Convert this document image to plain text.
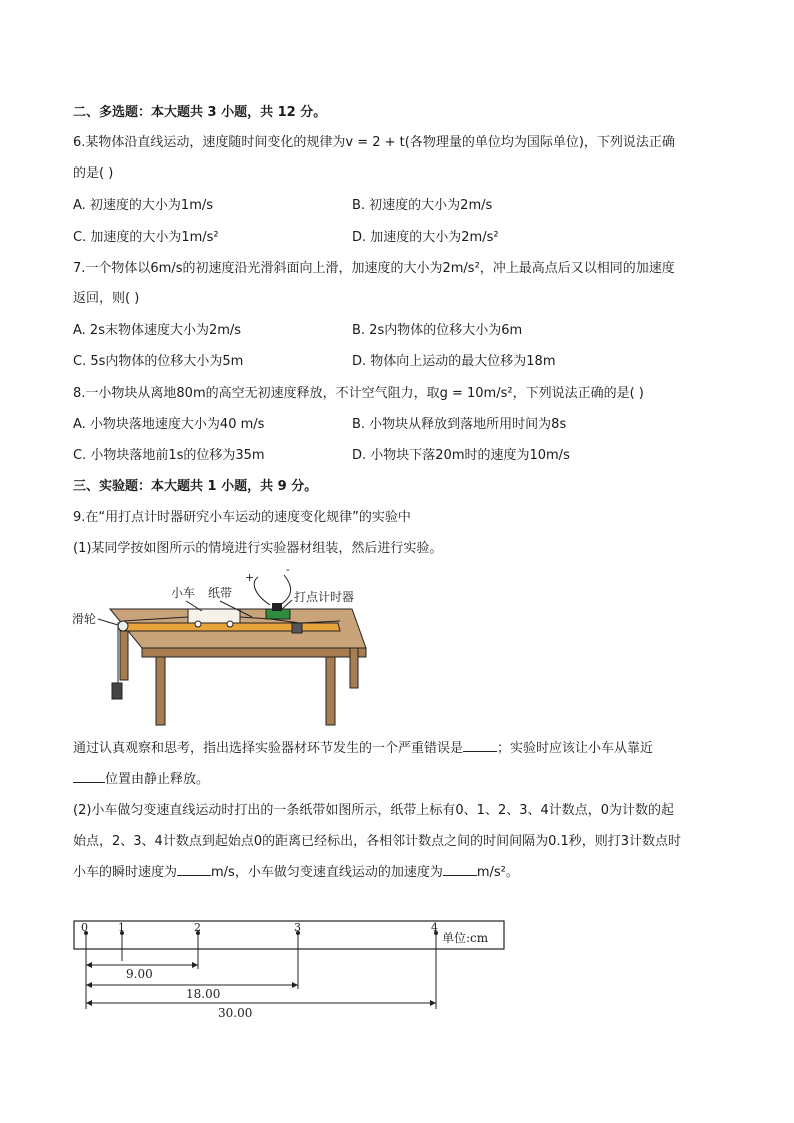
二、多选题：本大题共 3 小题，共 12 分。
6.某物体沿直线运动，速度随时间变化的规律为v = 2 + t(各物理量的单位均为国际单位)，下列说法正确
的是( )
A. 初速度的大小为1m/s	B. 初速度的大小为2m/s
C. 加速度的大小为1m/s²	D. 加速度的大小为2m/s²
7.一个物体以6m/s的初速度沿光滑斜面向上滑，加速度的大小为2m/s²，冲上最高点后又以相同的加速度
返回，则( )
A. 2s末物体速度大小为2m/s	B. 2s内物体的位移大小为6m
C. 5s内物体的位移大小为5m	D. 物体向上运动的最大位移为18m
8.一小物块从离地80m的高空无初速度释放，不计空气阻力，取g = 10m/s²，下列说法正确的是( )
A. 小物块落地速度大小为40 m/s	B. 小物块从释放到落地所用时间为8s
C. 小物块落地前1s的位移为35m	D. 小物块下落20m时的速度为10m/s
三、实验题：本大题共 1 小题，共 9 分。
9.在“用打点计时器研究小车运动的速度变化规律”的实验中
(1)某同学按如图所示的情境进行实验器材组装，然后进行实验。
小车 纸带	打点计时器
滑轮
+
-
通过认真观察和思考，指出选择实验器材环节发生的一个严重错误是	；实验时应该让小车从靠近
位置由静止释放。
(2)小车做匀变速直线运动时打出的一条纸带如图所示，纸带上标有0、1、2、3、4计数点，0为计数的起
始点，2、3、4计数点到起始点0的距离已经标出，各相邻计数点之间的时间间隔为0.1秒，则打3计数点时
小车的瞬时速度为	m/s，小车做匀变速直线运动的加速度为	m/s²。
0	1	2	3	4
单位:cm
9.00
18.00
30.00
